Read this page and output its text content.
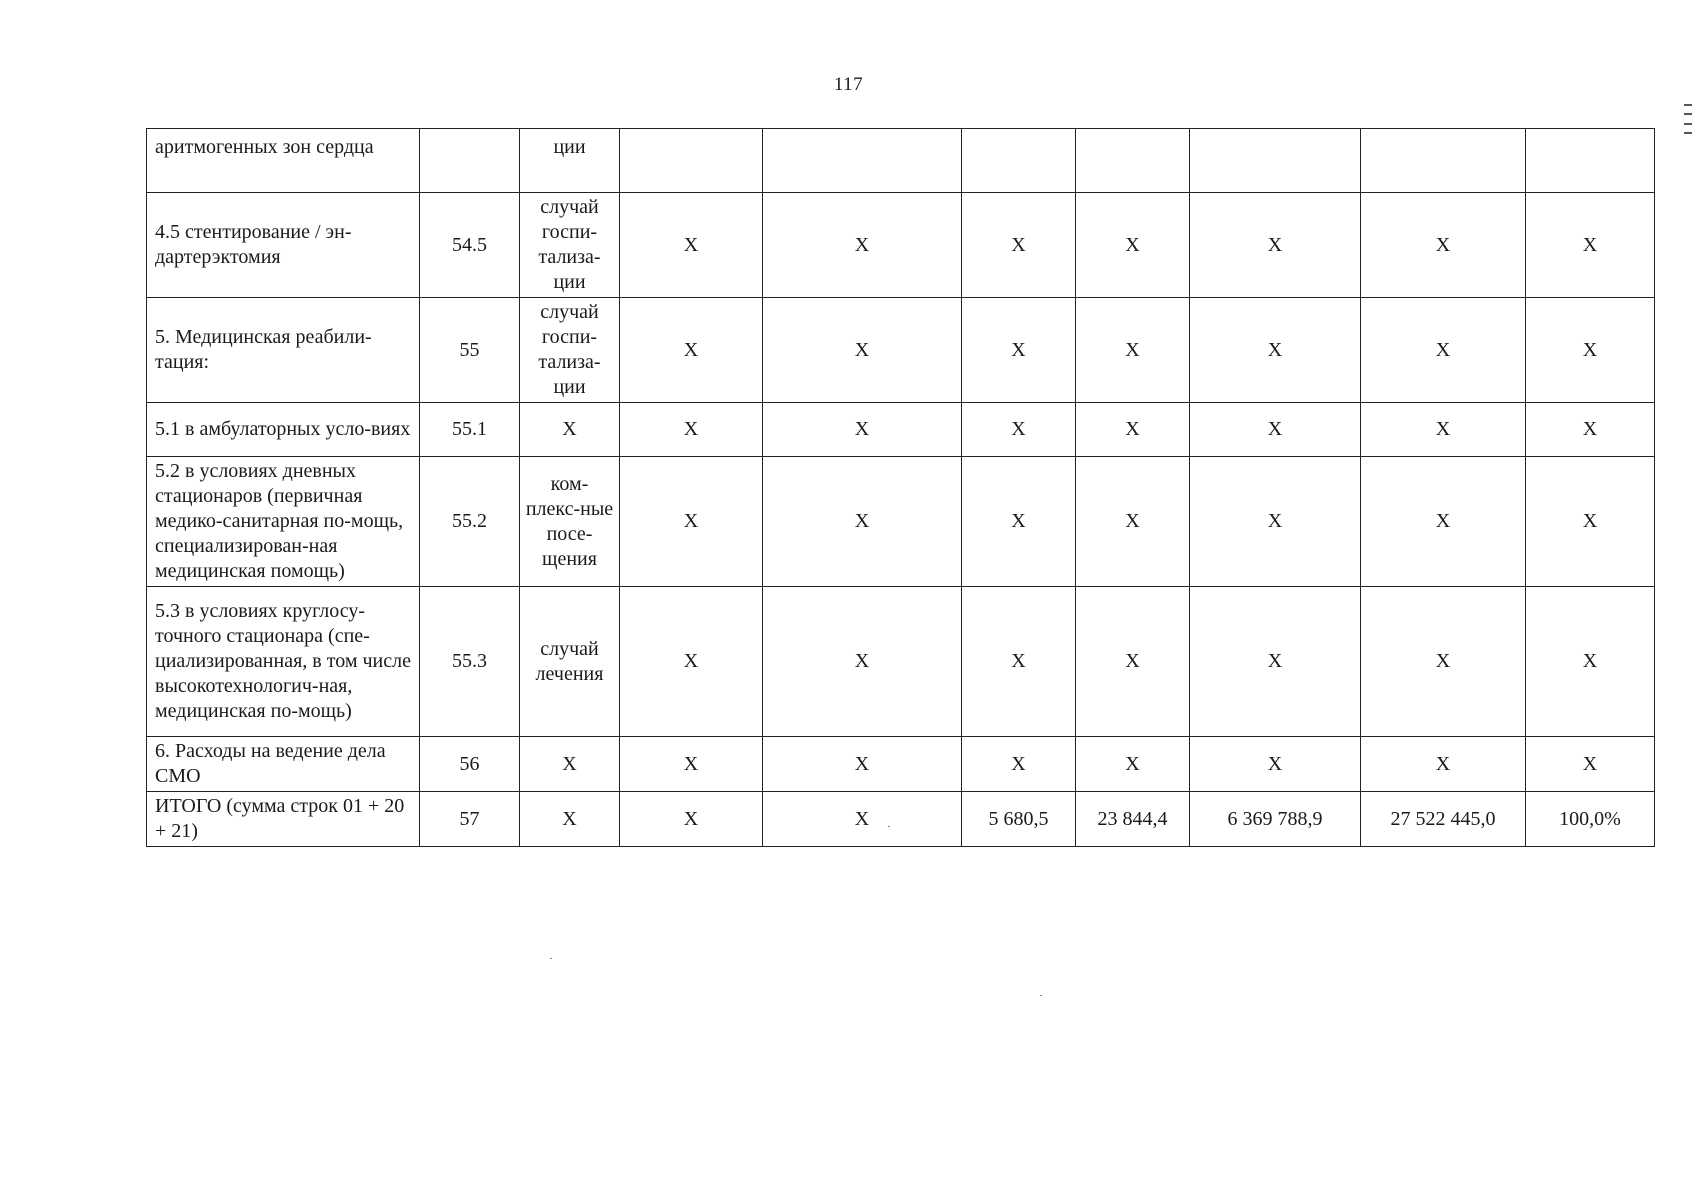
117
аритмогенных зон сердца		ции							
4.5 стентирование / эн-дартерэктомия	54.5	случай госпи-тализа-ции	X	X	X	X	X	X	X
5. Медицинская реабили-тация:	55	случай госпи-тализа-ции	X	X	X	X	X	X	X
5.1 в амбулаторных усло-виях	55.1	X	X	X	X	X	X	X	X
5.2 в условиях дневных стационаров (первичная медико-санитарная по-мощь, специализирован-ная медицинская помощь)	55.2	ком-плекс-ные посе-щения	X	X	X	X	X	X	X
5.3 в условиях круглосу-точного стационара (спе-циализированная, в том числе высокотехнологич-ная, медицинская по-мощь)	55.3	случай лечения	X	X	X	X	X	X	X
6. Расходы на ведение дела СМО	56	X	X	X	X	X	X	X	X
ИТОГО (сумма строк 01 + 20 + 21)	57	X	X	X	5 680,5	23 844,4	6 369 788,9	27 522 445,0	100,0%
